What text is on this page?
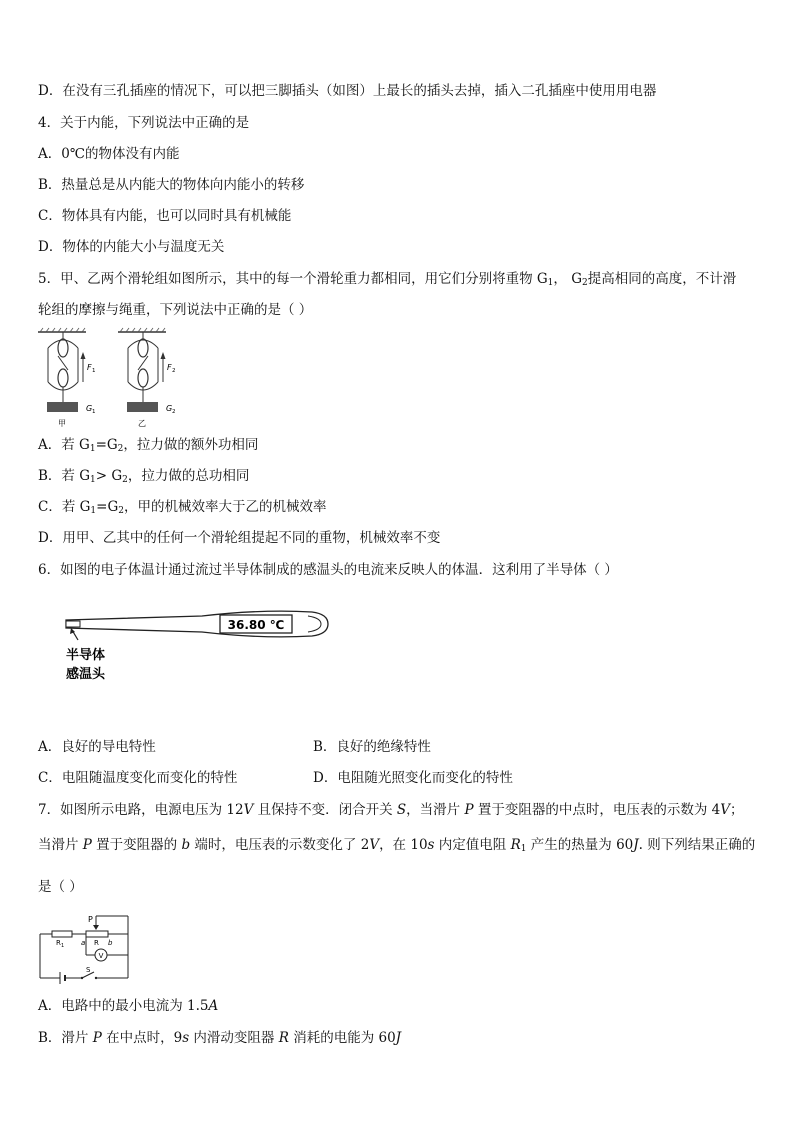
D．在没有三孔插座的情况下，可以把三脚插头（如图）上最长的插头去掉，插入二孔插座中使用用电器
4．关于内能，下列说法中正确的是
A．0℃的物体没有内能
B．热量总是从内能大的物体向内能小的转移
C．物体具有内能，也可以同时具有机械能
D．物体的内能大小与温度无关
5．甲、乙两个滑轮组如图所示，其中的每一个滑轮重力都相同，用它们分别将重物 $G_1$， $G_2$提高相同的高度，不计滑
轮组的摩擦与绳重，下列说法中正确的是（ ）
F 1
G 1
甲
F 2
G 2
乙
A．若 $G_1=G_2$，拉力做的额外功相同
B．若 $G_1> G_2$，拉力做的总功相同
C．若 $G_1=G_2$，甲的机械效率大于乙的机械效率
D．用甲、乙其中的任何一个滑轮组提起不同的重物，机械效率不变
6．如图的电子体温计通过流过半导体制成的感温头的电流来反映人的体温．这利用了半导体（ ）
36.80 ℃
半导体
感温头
A．良好的导电特性	B．良好的绝缘特性
C．电阻随温度变化而变化的特性	D．电阻随光照变化而变化的特性
7．如图所示电路，电源电压为 12V 且保持不变．闭合开关 S，当滑片 P 置于变阻器的中点时，电压表的示数为 4V；
当滑片 P 置于变阻器的 b 端时，电压表的示数变化了 2V，在 10s 内定值电阻 $R_1$ 产生的热量为 60J. 则下列结果正确的
是（ ）
P
R 1 a R b
V
S
A．电路中的最小电流为 1.5A
B．滑片 P 在中点时，9s 内滑动变阻器 R 消耗的电能为 60J
